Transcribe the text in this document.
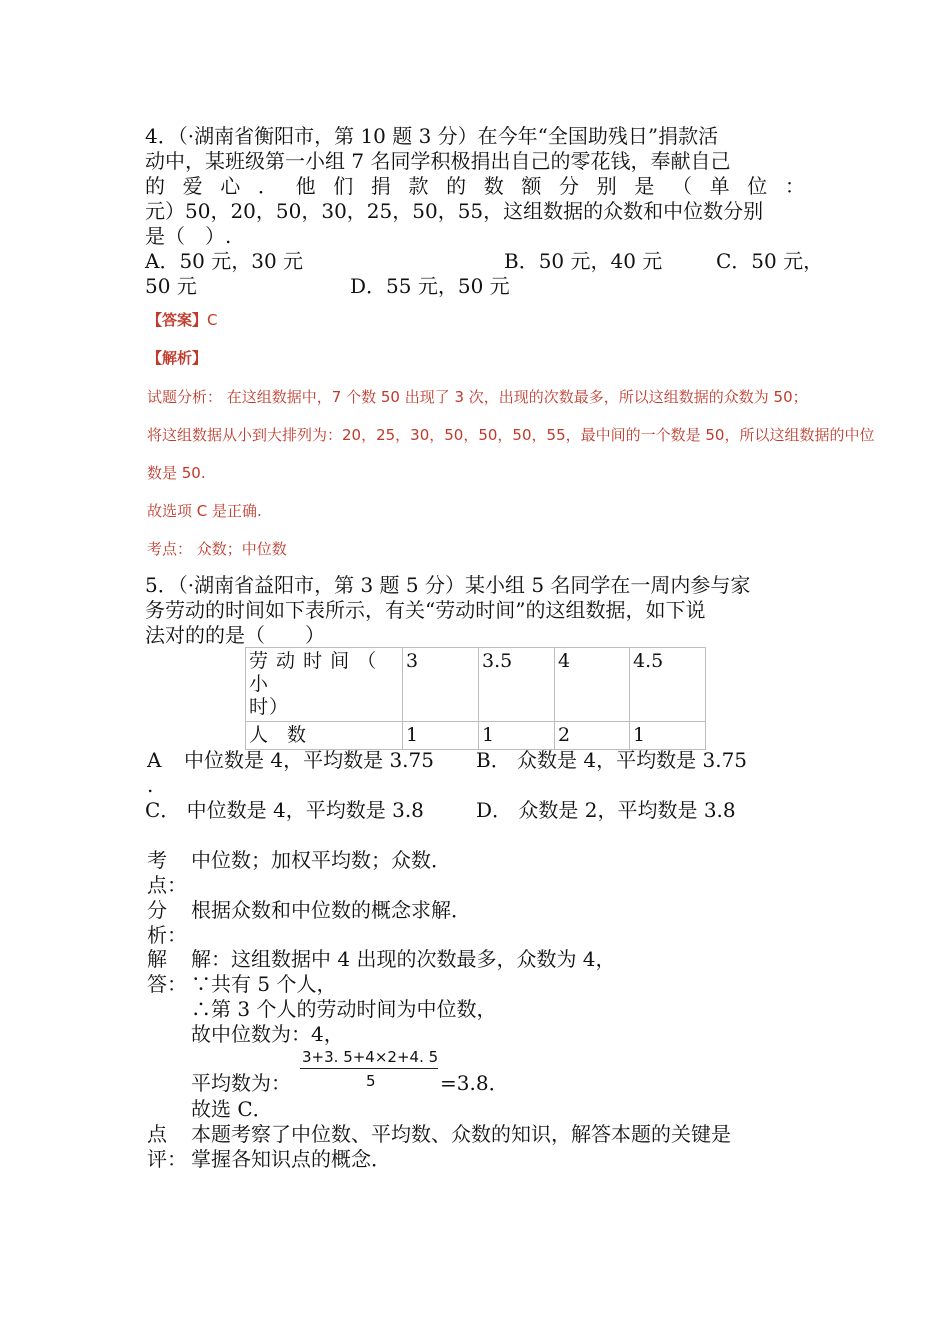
4．（·湖南省衡阳市，第 10 题 3 分）在今年“全国助残日”捐款活
动中，某班级第一小组 7 名同学积极捐出自己的零花钱，奉献自己
的 爱 心 ． 他 们 捐 款 的 数 额 分 别 是 （ 单 位 ：
元）50，20，50，30，25，50，55，这组数据的众数和中位数分别
是（　）.
A．50 元，30 元	B．50 元，40 元	C．50 元，
50 元	D．55 元，50 元
【答案】C
【解析】
试题分析： 在这组数据中，7 个数 50 出现了 3 次，出现的次数最多，所以这组数据的众数为 50；
将这组数据从小到大排列为：20，25，30，50，50，50，55，最中间的一个数是 50，所以这组数据的中位
数是 50.
故选项 C 是正确.
考点： 众数；中位数
5．（·湖南省益阳市，第 3 题 5 分）某小组 5 名同学在一周内参与家
务劳动的时间如下表所示，有关“劳动时间”的这组数据，如下说
法对的的是（　　）
劳 动 时 间 （ 小
时）	3	3.5	4	4.5
人　数	1	1	2	1
A
.
中位数是 4，平均数是 3.75 B． 众数是 4，平均数是 3.75
C． 中位数是 4，平均数是 3.8	D． 众数是 2，平均数是 3.8
考
点：
中位数；加权平均数；众数．
分
析：
根据众数和中位数的概念求解．
解
答：
解：这组数据中 4 出现的次数最多，众数为 4，
∵共有 5 个人，
∴第 3 个人的劳动时间为中位数，
故中位数为：4，
3+3. 5+4×2+4. 5
5
平均数为：	=3.8．
故选 C．
点
评：
本题考察了中位数、平均数、众数的知识，解答本题的关键是
掌握各知识点的概念．
